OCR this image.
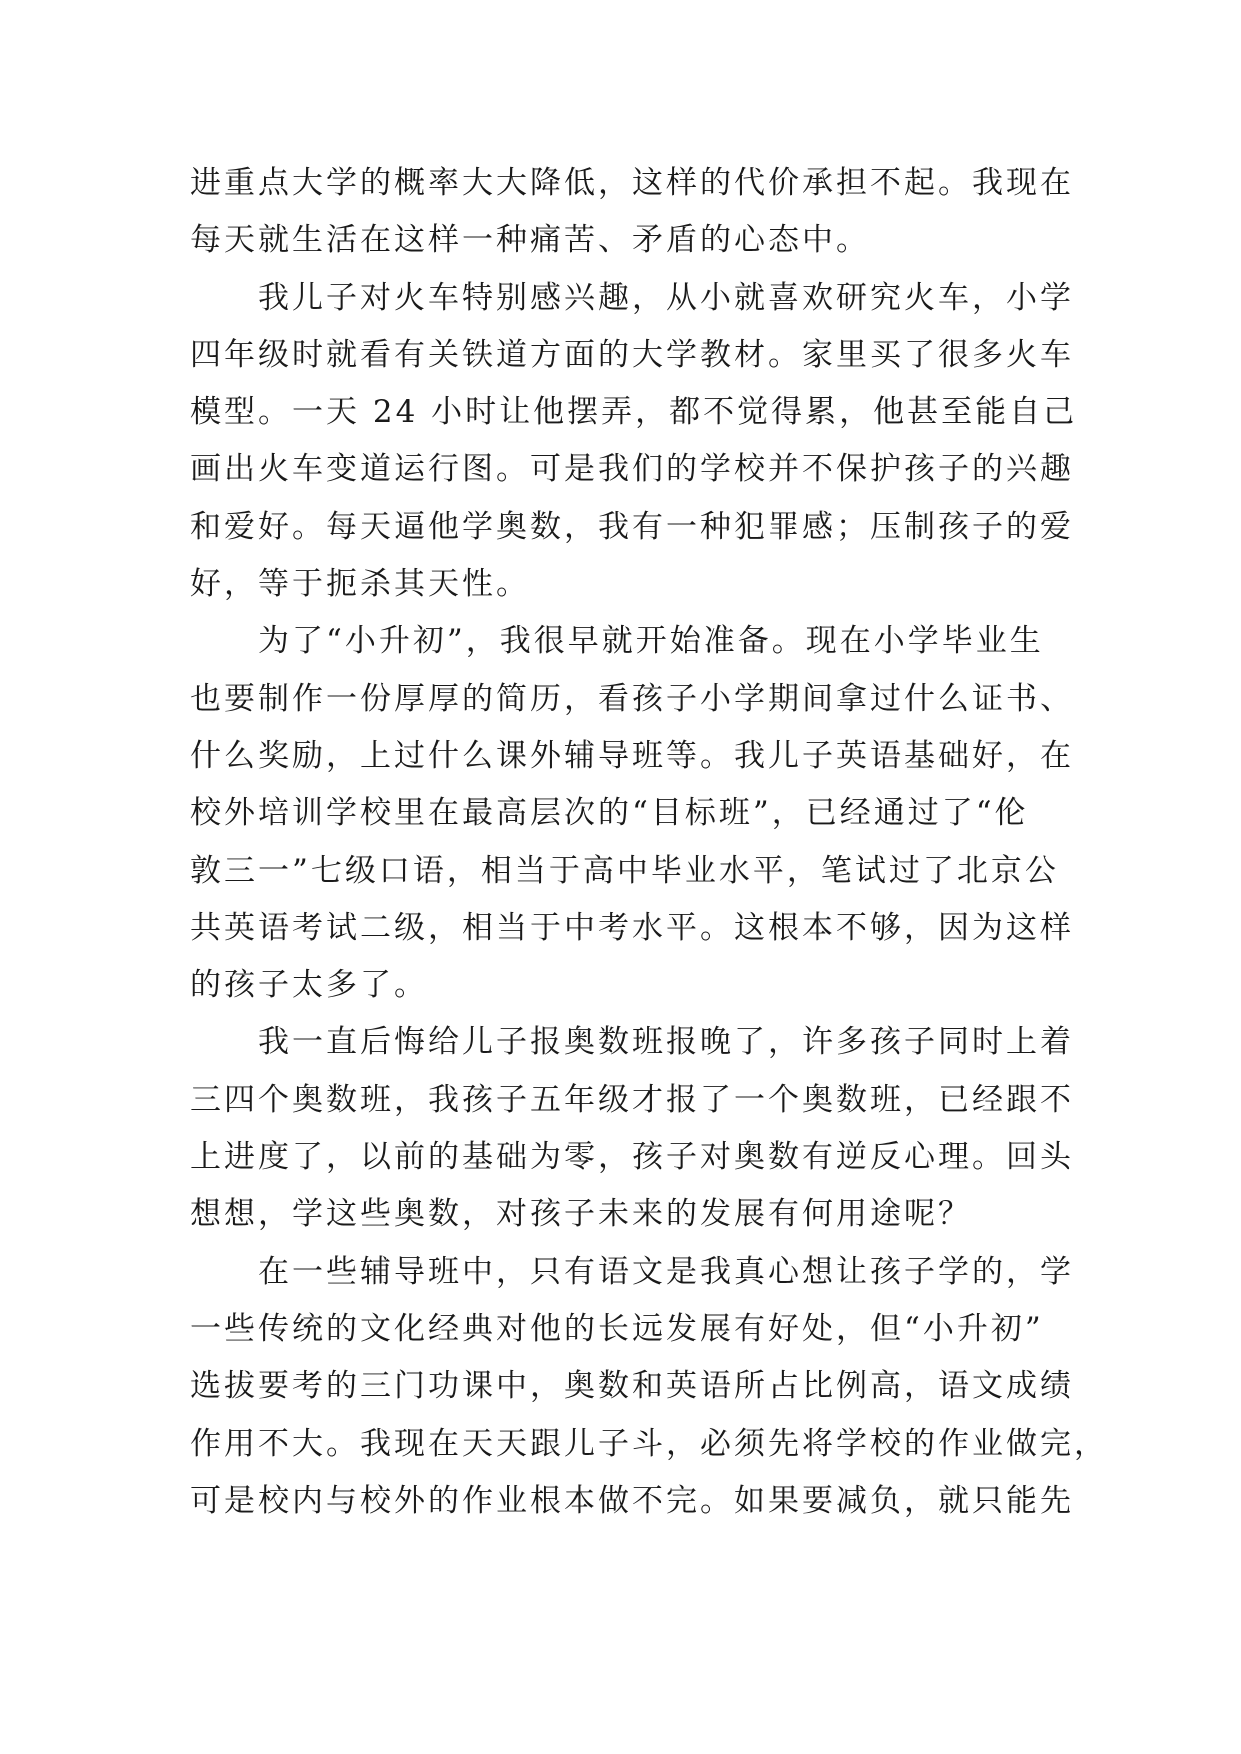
进重点大学的概率大大降低，这样的代价承担不起。我现在
每天就生活在这样一种痛苦、矛盾的心态中。
我儿子对火车特别感兴趣，从小就喜欢研究火车，小学
四年级时就看有关铁道方面的大学教材。家里买了很多火车
模型。一天 24 小时让他摆弄，都不觉得累，他甚至能自己
画出火车变道运行图。可是我们的学校并不保护孩子的兴趣
和爱好。每天逼他学奥数，我有一种犯罪感；压制孩子的爱
好，等于扼杀其天性。
为了“小升初”，我很早就开始准备。现在小学毕业生
也要制作一份厚厚的简历，看孩子小学期间拿过什么证书、
什么奖励，上过什么课外辅导班等。我儿子英语基础好，在
校外培训学校里在最高层次的“目标班”，已经通过了“伦
敦三一”七级口语，相当于高中毕业水平，笔试过了北京公
共英语考试二级，相当于中考水平。这根本不够，因为这样
的孩子太多了。
我一直后悔给儿子报奥数班报晚了，许多孩子同时上着
三四个奥数班，我孩子五年级才报了一个奥数班，已经跟不
上进度了，以前的基础为零，孩子对奥数有逆反心理。回头
想想，学这些奥数，对孩子未来的发展有何用途呢？
在一些辅导班中，只有语文是我真心想让孩子学的，学
一些传统的文化经典对他的长远发展有好处，但“小升初”
选拔要考的三门功课中，奥数和英语所占比例高，语文成绩
作用不大。我现在天天跟儿子斗，必须先将学校的作业做完，
可是校内与校外的作业根本做不完。如果要减负，就只能先
